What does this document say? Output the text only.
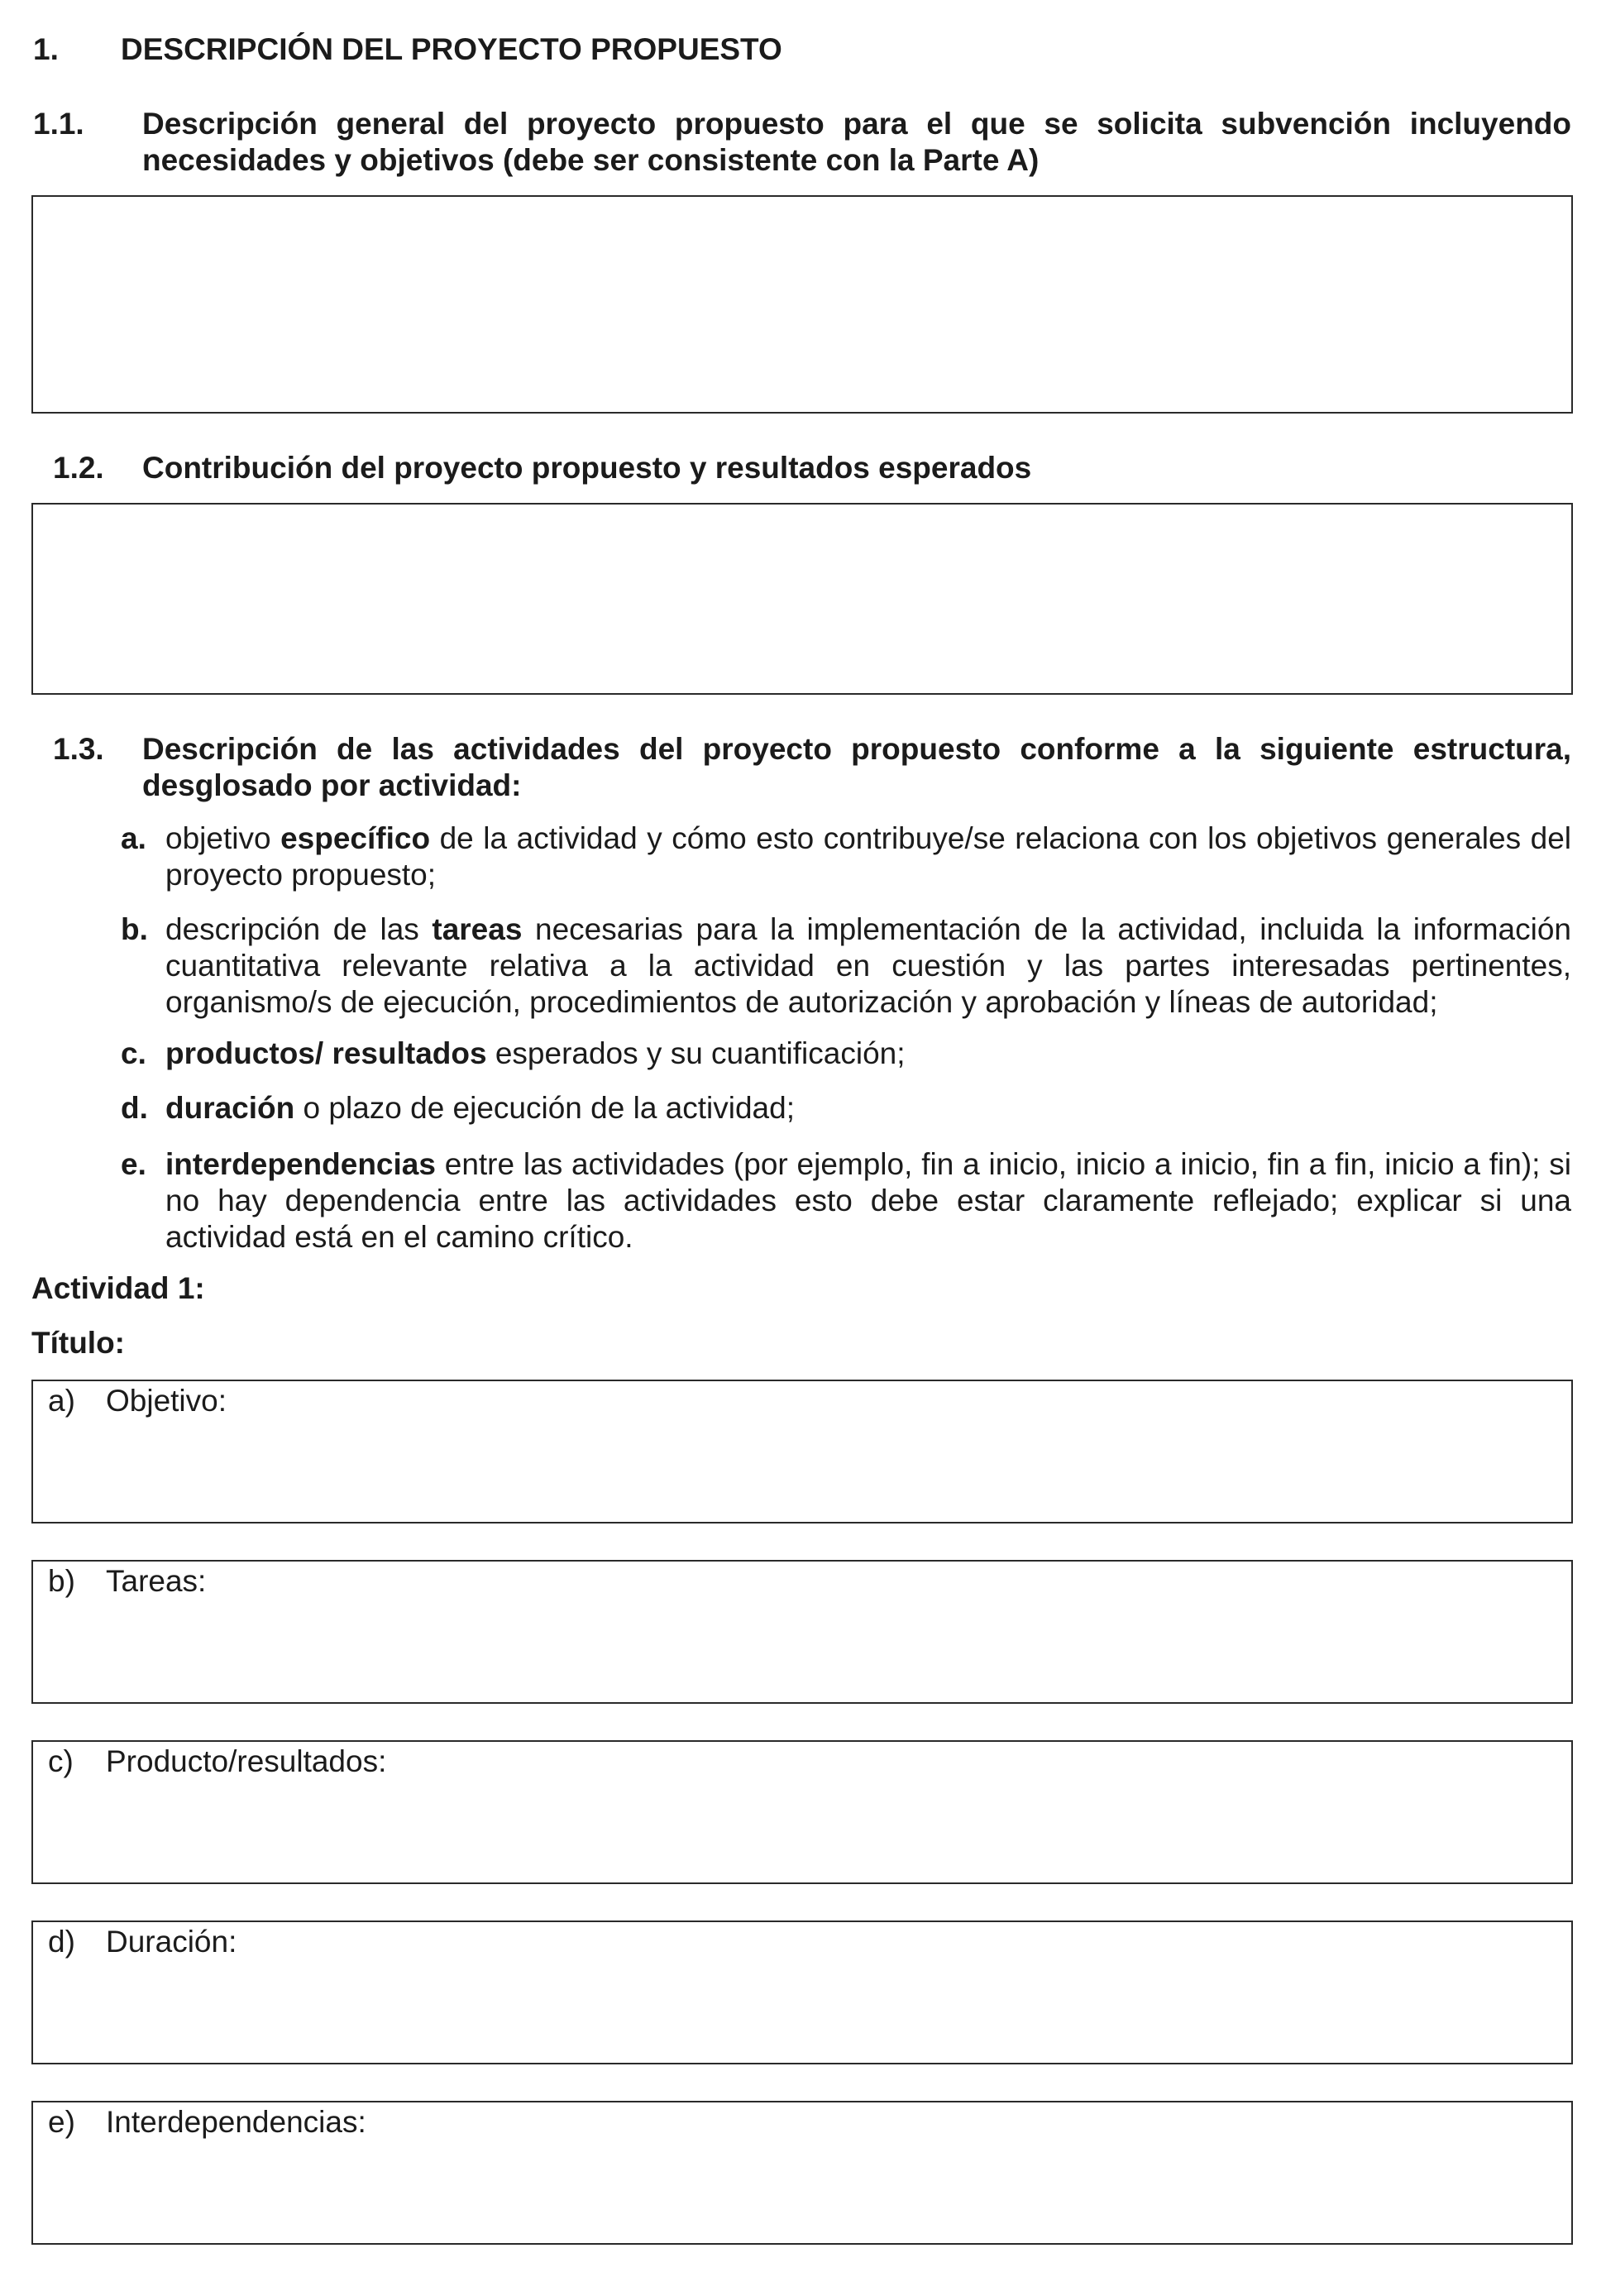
1. DESCRIPCIÓN DEL PROYECTO PROPUESTO
1.1. Descripción general del proyecto propuesto para el que se solicita subvención incluyendo necesidades y objetivos (debe ser consistente con la Parte A)
1.2. Contribución del proyecto propuesto y resultados esperados
1.3. Descripción de las actividades del proyecto propuesto conforme a la siguiente estructura, desglosado por actividad:
a. objetivo específico de la actividad y cómo esto contribuye/se relaciona con los objetivos generales del proyecto propuesto;
b. descripción de las tareas necesarias para la implementación de la actividad, incluida la información cuantitativa relevante relativa a la actividad en cuestión y las partes interesadas pertinentes, organismo/s de ejecución, procedimientos de autorización y aprobación y líneas de autoridad;
c. productos/ resultados esperados y su cuantificación;
d. duración o plazo de ejecución de la actividad;
e. interdependencias entre las actividades (por ejemplo, fin a inicio, inicio a inicio, fin a fin, inicio a fin); si no hay dependencia entre las actividades esto debe estar claramente reflejado; explicar si una actividad está en el camino crítico.
Actividad 1:
Título:
a) Objetivo:
b) Tareas:
c) Producto/resultados:
d) Duración:
e) Interdependencias:
